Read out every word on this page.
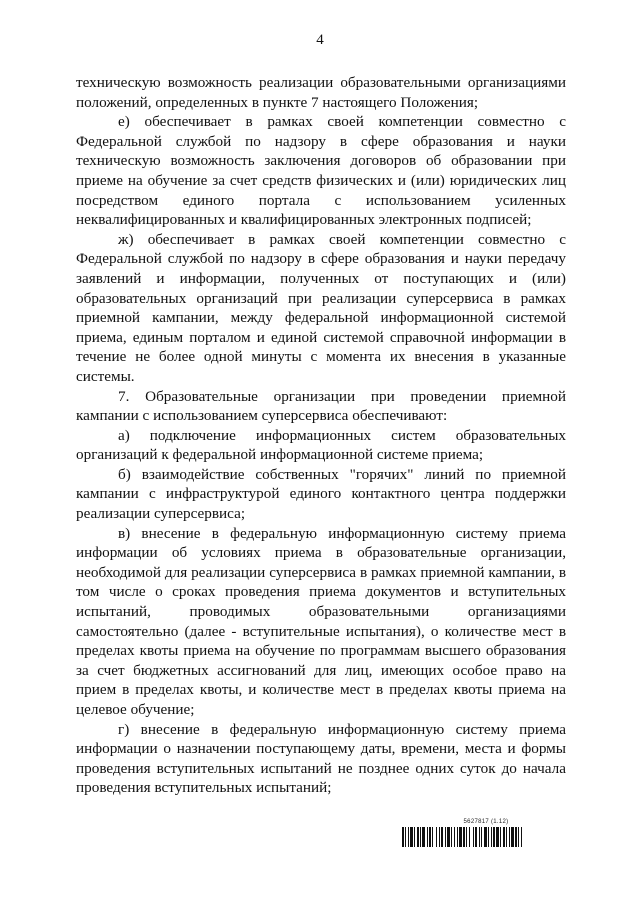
4

техническую возможность реализации образовательными организациями положений, определенных в пункте 7 настоящего Положения;

е) обеспечивает в рамках своей компетенции совместно с Федеральной службой по надзору в сфере образования и науки техническую возможность заключения договоров об образовании при приеме на обучение за счет средств физических и (или) юридических лиц посредством единого портала с использованием усиленных неквалифицированных и квалифицированных электронных подписей;

ж) обеспечивает в рамках своей компетенции совместно с Федеральной службой по надзору в сфере образования и науки передачу заявлений и информации, полученных от поступающих и (или) образовательных организаций при реализации суперсервиса в рамках приемной кампании, между федеральной информационной системой приема, единым порталом и единой системой справочной информации в течение не более одной минуты с момента их внесения в указанные системы.

7. Образовательные организации при проведении приемной кампании с использованием суперсервиса обеспечивают:

а) подключение информационных систем образовательных организаций к федеральной информационной системе приема;

б) взаимодействие собственных "горячих" линий по приемной кампании с инфраструктурой единого контактного центра поддержки реализации суперсервиса;

в) внесение в федеральную информационную систему приема информации об условиях приема в образовательные организации, необходимой для реализации суперсервиса в рамках приемной кампании, в том числе о сроках проведения приема документов и вступительных испытаний, проводимых образовательными организациями самостоятельно (далее - вступительные испытания), о количестве мест в пределах квоты приема на обучение по программам высшего образования за счет бюджетных ассигнований для лиц, имеющих особое право на прием в пределах квоты, и количестве мест в пределах квоты приема на целевое обучение;

г) внесение в федеральную информационную систему приема информации о назначении поступающему даты, времени, места и формы проведения вступительных испытаний не позднее одних суток до начала проведения вступительных испытаний;

5627817 (1.12)
